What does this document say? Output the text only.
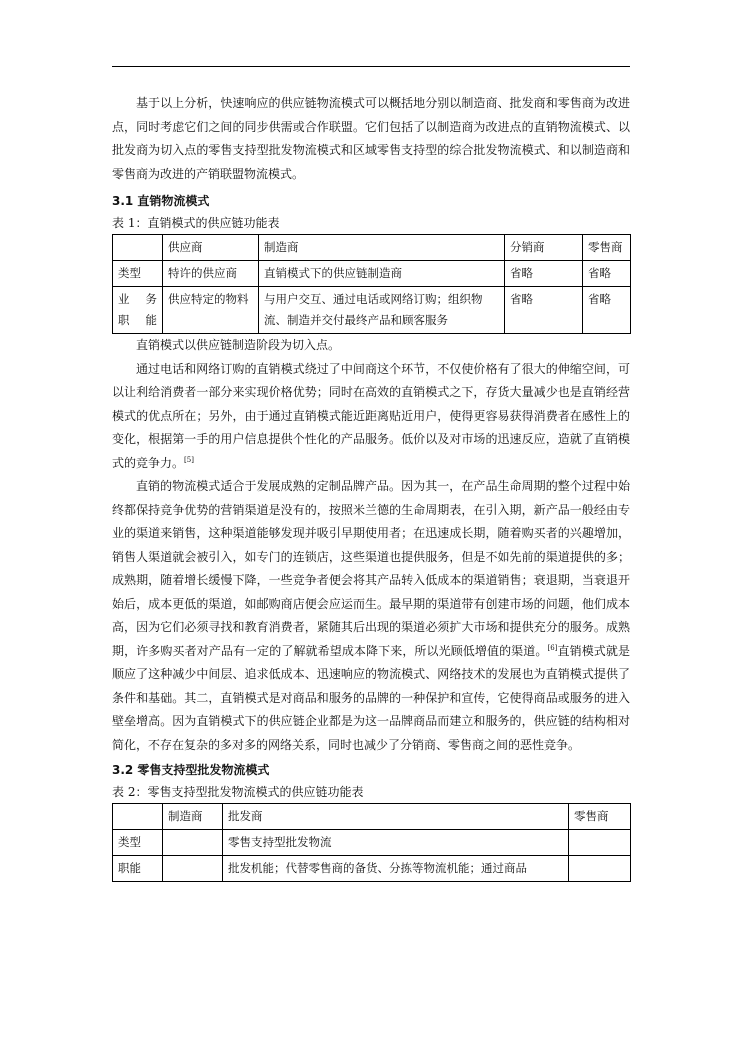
基于以上分析，快速响应的供应链物流模式可以概括地分别以制造商、批发商和零售商为改进点，同时考虑它们之间的同步供需或合作联盟。它们包括了以制造商为改进点的直销物流模式、以批发商为切入点的零售支持型批发物流模式和区域零售支持型的综合批发物流模式、和以制造商和零售商为改进的产销联盟物流模式。

3.1 直销物流模式
表 1：直销模式的供应链功能表
	供应商	制造商	分销商	零售商
类型	特许的供应商	直销模式下的供应链制造商	省略	省略
业 务 职能	供应特定的物料	与用户交互、通过电话或网络订购；组织物流、制造并交付最终产品和顾客服务	省略	省略

直销模式以供应链制造阶段为切入点。

通过电话和网络订购的直销模式绕过了中间商这个环节，不仅使价格有了很大的伸缩空间，可以让利给消费者一部分来实现价格优势；同时在高效的直销模式之下，存货大量减少也是直销经营模式的优点所在；另外，由于通过直销模式能近距离贴近用户，使得更容易获得消费者在感性上的变化，根据第一手的用户信息提供个性化的产品服务。低价以及对市场的迅速反应，造就了直销模式的竞争力。[5]

直销的物流模式适合于发展成熟的定制品牌产品。因为其一，在产品生命周期的整个过程中始终都保持竞争优势的营销渠道是没有的，按照米兰德的生命周期表，在引入期，新产品一般经由专业的渠道来销售，这种渠道能够发现并吸引早期使用者；在迅速成长期，随着购买者的兴趣增加，销售人渠道就会被引入，如专门的连锁店，这些渠道也提供服务，但是不如先前的渠道提供的多；成熟期，随着增长缓慢下降，一些竞争者便会将其产品转入低成本的渠道销售；衰退期，当衰退开始后，成本更低的渠道，如邮购商店便会应运而生。最早期的渠道带有创建市场的问题，他们成本高，因为它们必须寻找和教育消费者，紧随其后出现的渠道必须扩大市场和提供充分的服务。成熟期，许多购买者对产品有一定的了解就希望成本降下来，所以光顾低增值的渠道。[6]直销模式就是顺应了这种减少中间层、追求低成本、迅速响应的物流模式、网络技术的发展也为直销模式提供了条件和基础。其二，直销模式是对商品和服务的品牌的一种保护和宣传，它使得商品或服务的进入壁垒增高。因为直销模式下的供应链企业都是为这一品牌商品而建立和服务的，供应链的结构相对简化，不存在复杂的多对多的网络关系，同时也减少了分销商、零售商之间的恶性竞争。

3.2 零售支持型批发物流模式
表 2：零售支持型批发物流模式的供应链功能表
	制造商	批发商	零售商
类型		零售支持型批发物流	
职能		批发机能；代替零售商的备货、分拣等物流机能；通过商品	
